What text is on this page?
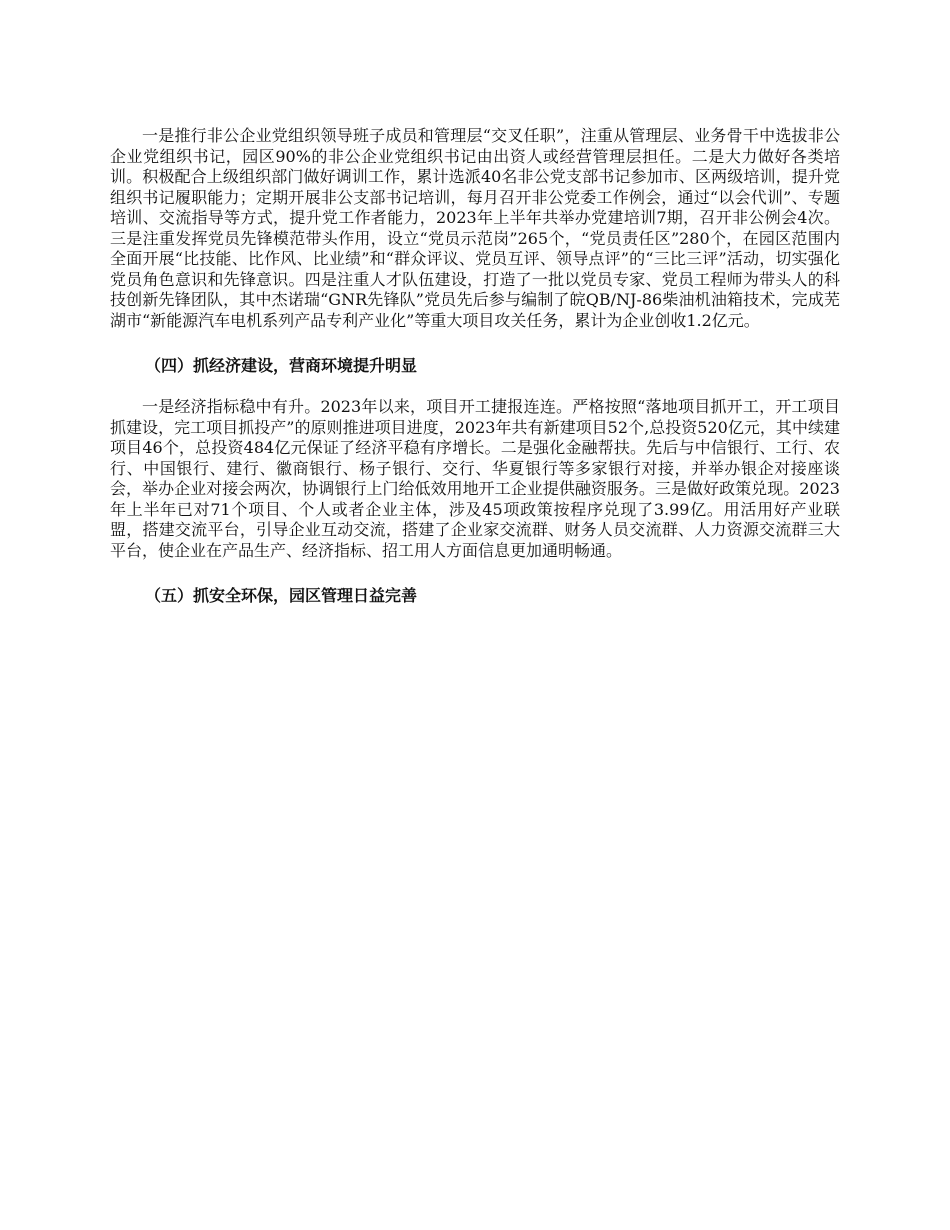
一是推行非公企业党组织领导班子成员和管理层“交叉任职”，注重从管理层、业务骨干中选拔非公企业党组织书记，园区90%的非公企业党组织书记由出资人或经营管理层担任。二是大力做好各类培训。积极配合上级组织部门做好调训工作，累计选派40名非公党支部书记参加市、区两级培训，提升党组织书记履职能力；定期开展非公支部书记培训，每月召开非公党委工作例会，通过“以会代训”、专题培训、交流指导等方式，提升党工作者能力，2023年上半年共举办党建培训7期，召开非公例会4次。三是注重发挥党员先锋模范带头作用，设立“党员示范岗”265个，“党员责任区”280个，在园区范围内全面开展“比技能、比作风、比业绩”和“群众评议、党员互评、领导点评”的“三比三评”活动，切实强化党员角色意识和先锋意识。四是注重人才队伍建设，打造了一批以党员专家、党员工程师为带头人的科技创新先锋团队，其中杰诺瑞“GNR先锋队”党员先后参与编制了皖QB/NJ-86柴油机油箱技术，完成芜湖市“新能源汽车电机系列产品专利产业化”等重大项目攻关任务，累计为企业创收1.2亿元。

（四）抓经济建设，营商环境提升明显

一是经济指标稳中有升。2023年以来，项目开工捷报连连。严格按照“落地项目抓开工，开工项目抓建设，完工项目抓投产”的原则推进项目进度，2023年共有新建项目52个,总投资520亿元，其中续建项目46个，总投资484亿元保证了经济平稳有序增长。二是强化金融帮扶。先后与中信银行、工行、农行、中国银行、建行、徽商银行、杨子银行、交行、华夏银行等多家银行对接，并举办银企对接座谈会，举办企业对接会两次，协调银行上门给低效用地开工企业提供融资服务。三是做好政策兑现。2023年上半年已对71个项目、个人或者企业主体，涉及45项政策按程序兑现了3.99亿。用活用好产业联盟，搭建交流平台，引导企业互动交流，搭建了企业家交流群、财务人员交流群、人力资源交流群三大平台，使企业在产品生产、经济指标、招工用人方面信息更加通明畅通。

（五）抓安全环保，园区管理日益完善
